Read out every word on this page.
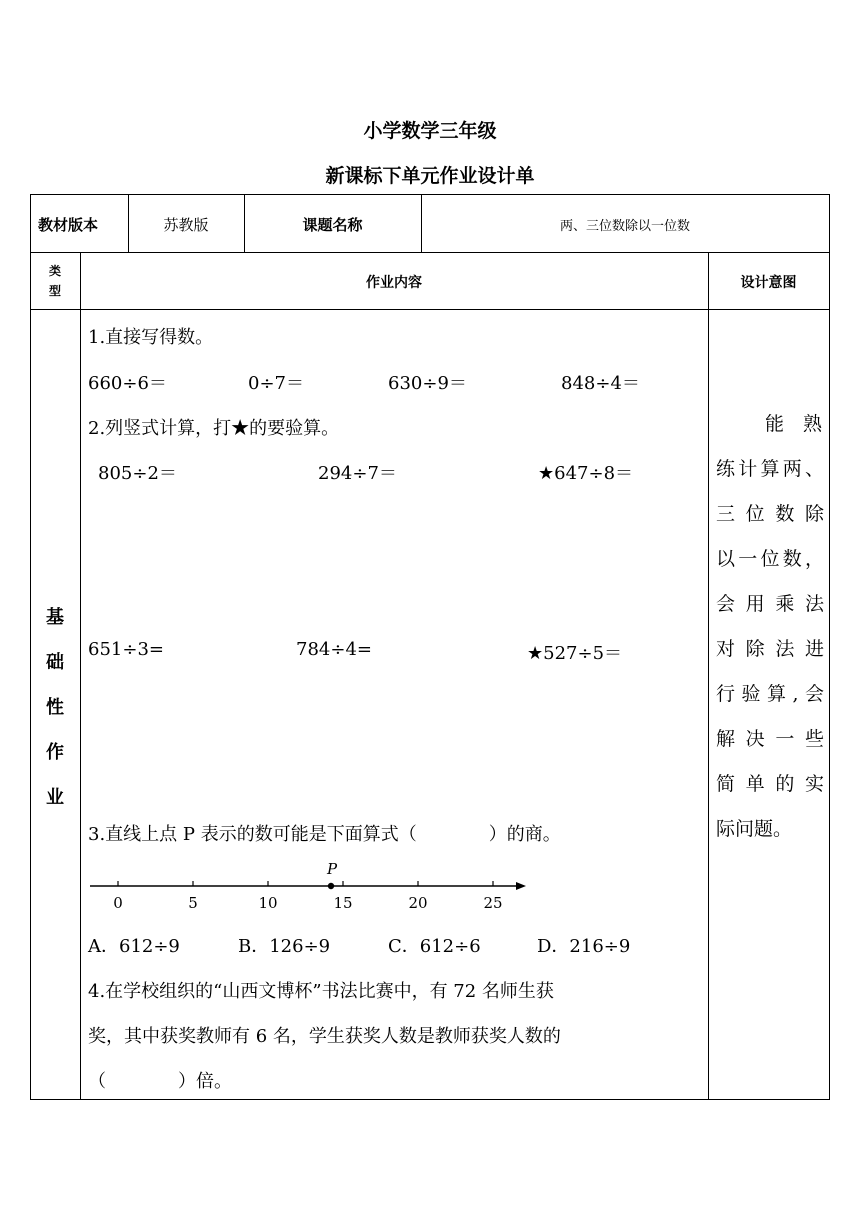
小学数学三年级
新课标下单元作业设计单
教材版本	苏教版	课题名称	两、三位数除以一位数
类
型	作业内容	设计意图
基
础
性
作
业
1.直接写得数。
660÷6＝	0÷7＝	630÷9＝	848÷4＝
2.列竖式计算，打★的要验算。
805÷2＝	294÷7＝	★647÷8＝
651÷3=	784÷4=	★527÷5＝
3.直线上点 P 表示的数可能是下面算式（　　　　）的商。
0	5	10	15	20	25
P
A．612÷9	B．126÷9	C．612÷6	D．216÷9
4.在学校组织的“山西文博杯”书法比赛中，有 72 名师生获
奖，其中获奖教师有 6 名，学生获奖人数是教师获奖人数的
（　　　　）倍。
能　熟
练计算两、
三位数除
以一位数，
会用乘法
对除法进
行验算,会
解决一些
简单的实
际问题。
